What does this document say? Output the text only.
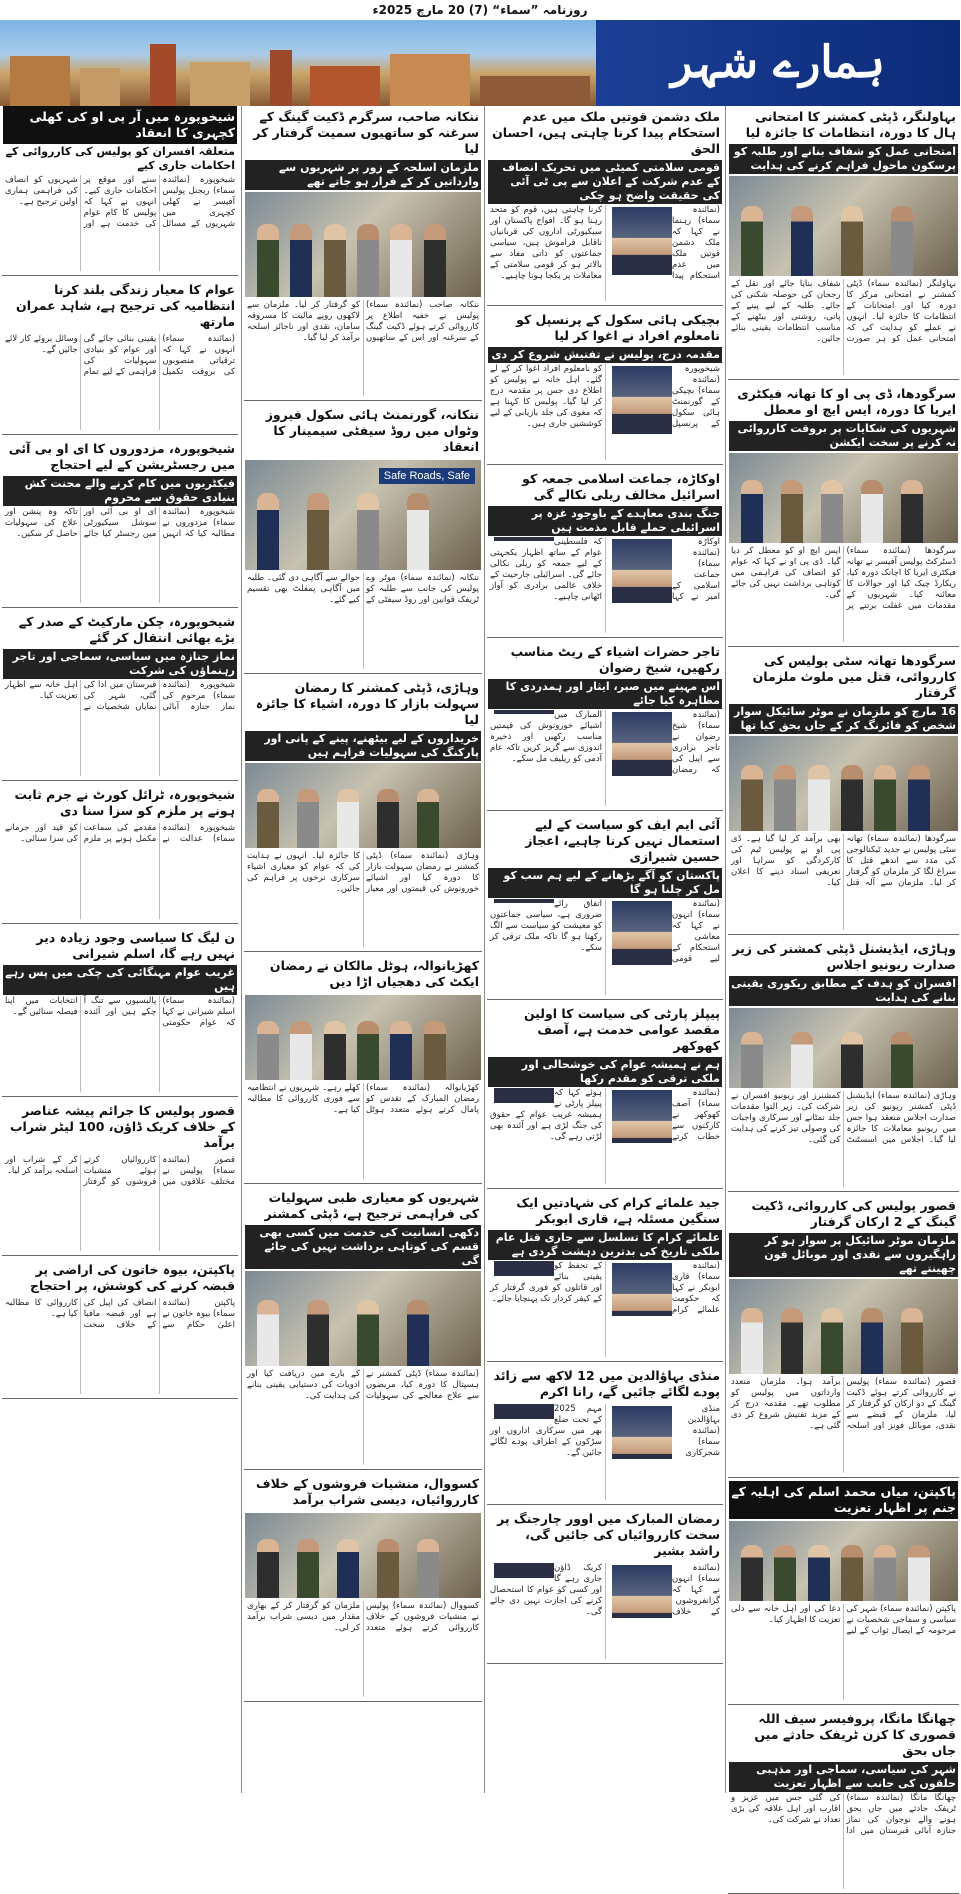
روزنامہ ”سماء“ (7) 20 مارچ 2025ء
ہمارے شہر
بہاولنگر، ڈپٹی کمشنر کا امتحانی ہال کا دورہ، انتظامات کا جائزہ لیا
امتحانی عمل کو شفاف بنانے اور طلبہ کو پرسکون ماحول فراہم کرنے کی ہدایت
بہاولنگر (نمائندہ سماء) ڈپٹی کمشنر نے امتحانی مرکز کا دورہ کیا اور امتحانات کے انتظامات کا جائزہ لیا۔ انہوں نے عملے کو ہدایت کی کہ امتحانی عمل کو ہر صورت شفاف بنایا جائے اور نقل کے رجحان کی حوصلہ شکنی کی جائے۔ طلبہ کے لیے پینے کے پانی، روشنی اور بیٹھنے کے مناسب انتظامات یقینی بنائے جائیں۔
سرگودھا، ڈی پی او کا تھانہ فیکٹری ایریا کا دورہ، ایس ایچ او معطل
شہریوں کی شکایات پر بروقت کارروائی نہ کرنے پر سخت ایکشن
سرگودھا (نمائندہ سماء) ڈسٹرکٹ پولیس آفیسر نے تھانہ فیکٹری ایریا کا اچانک دورہ کیا، ریکارڈ چیک کیا اور حوالات کا معائنہ کیا۔ شہریوں کے مقدمات میں غفلت برتنے پر ایس ایچ او کو معطل کر دیا گیا۔ ڈی پی او نے کہا کہ عوام کو انصاف کی فراہمی میں کوتاہی برداشت نہیں کی جائے گی۔
سرگودھا تھانہ سٹی پولیس کی کارروائی، قتل میں ملوث ملزمان گرفتار
16 مارچ کو ملزمان نے موٹر سائیکل سوار شخص کو فائرنگ کر کے جاں بحق کیا تھا
سرگودھا (نمائندہ سماء) تھانہ سٹی پولیس نے جدید ٹیکنالوجی کی مدد سے اندھے قتل کا سراغ لگا کر ملزمان کو گرفتار کر لیا۔ ملزمان سے آلہ قتل بھی برآمد کر لیا گیا ہے۔ ڈی پی او نے پولیس ٹیم کی کارکردگی کو سراہا اور تعریفی اسناد دینے کا اعلان کیا۔
وہاڑی، ایڈیشنل ڈپٹی کمشنر کی زیر صدارت ریونیو اجلاس
افسران کو ہدف کے مطابق ریکوری یقینی بنانے کی ہدایت
وہاڑی (نمائندہ سماء) ایڈیشنل ڈپٹی کمشنر ریونیو کی زیر صدارت اجلاس منعقد ہوا جس میں ریونیو معاملات کا جائزہ لیا گیا۔ اجلاس میں اسسٹنٹ کمشنرز اور ریونیو افسران نے شرکت کی۔ زیر التوا مقدمات جلد نمٹانے اور سرکاری واجبات کی وصولی تیز کرنے کی ہدایت کی گئی۔
قصور پولیس کی کارروائی، ڈکیت گینگ کے 2 ارکان گرفتار
ملزمان موٹر سائیکل پر سوار ہو کر راہگیروں سے نقدی اور موبائل فون چھینتے تھے
قصور (نمائندہ سماء) پولیس نے کارروائی کرتے ہوئے ڈکیت گینگ کے دو ارکان کو گرفتار کر لیا، ملزمان کے قبضے سے نقدی، موبائل فونز اور اسلحہ برآمد ہوا۔ ملزمان متعدد وارداتوں میں پولیس کو مطلوب تھے۔ مقدمہ درج کر کے مزید تفتیش شروع کر دی گئی ہے۔
پاکپتن، میاں محمد اسلم کی اہلیہ کے جنم پر اظہار تعزیت
پاکپتن (نمائندہ سماء) شہر کی سیاسی و سماجی شخصیات نے مرحومہ کے ایصال ثواب کے لیے دعا کی اور اہل خانہ سے دلی تعزیت کا اظہار کیا۔
چھانگا مانگا، پروفیسر سیف اللہ قصوری کا کزن ٹریفک حادثے میں جاں بحق
شہر کی سیاسی، سماجی اور مذہبی حلقوں کی جانب سے اظہار تعزیت
چھانگا مانگا (نمائندہ سماء) ٹریفک حادثے میں جاں بحق ہونے والے نوجوان کی نماز جنازہ آبائی قبرستان میں ادا کی گئی جس میں عزیز و اقارب اور اہل علاقہ کی بڑی تعداد نے شرکت کی۔
ملک دشمن قوتیں ملک میں عدم استحکام پیدا کرنا چاہتی ہیں، احسان الحق
قومی سلامتی کمیٹی میں تحریک انصاف کے عدم شرکت کے اعلان سے پی ٹی آئی کی حقیقت واضح ہو چکی
(نمائندہ سماء) رہنما نے کہا کہ ملک دشمن قوتیں ملک میں عدم استحکام پیدا کرنا چاہتی ہیں، قوم کو متحد رہنا ہو گا۔ افواج پاکستان اور سیکیورٹی اداروں کی قربانیاں ناقابل فراموش ہیں، سیاسی جماعتوں کو ذاتی مفاد سے بالاتر ہو کر قومی سلامتی کے معاملات پر یکجا ہونا چاہیے۔
بچیکی ہائی سکول کے پرنسپل کو نامعلوم افراد نے اغوا کر لیا
مقدمہ درج، پولیس نے تفتیش شروع کر دی
شیخوپورہ (نمائندہ سماء) بچیکی کے گورنمنٹ ہائی سکول کے پرنسپل کو نامعلوم افراد اغوا کر کے لے گئے۔ اہل خانہ نے پولیس کو اطلاع دی جس پر مقدمہ درج کر لیا گیا۔ پولیس کا کہنا ہے کہ مغوی کی جلد بازیابی کے لیے کوششیں جاری ہیں۔
اوکاڑہ، جماعت اسلامی جمعہ کو اسرائیل مخالف ریلی نکالے گی
جنگ بندی معاہدے کے باوجود غزہ پر اسرائیلی حملے قابل مذمت ہیں
اوکاڑہ (نمائندہ سماء) جماعت اسلامی کے امیر نے کہا کہ فلسطینی عوام کے ساتھ اظہار یکجہتی کے لیے جمعہ کو ریلی نکالی جائے گی۔ اسرائیلی جارحیت کے خلاف عالمی برادری کو آواز اٹھانی چاہیے۔
تاجر حضرات اشیاء کے ریٹ مناسب رکھیں، شیخ رضوان
اس مہینے میں صبر، ایثار اور ہمدردی کا مظاہرہ کیا جائے
(نمائندہ سماء) شیخ رضوان نے تاجر برادری سے اپیل کی کہ رمضان المبارک میں اشیائے خورونوش کی قیمتیں مناسب رکھیں اور ذخیرہ اندوزی سے گریز کریں تاکہ عام آدمی کو ریلیف مل سکے۔
آئی ایم ایف کو سیاست کے لیے استعمال نہیں کرنا چاہیے، اعجاز حسین شیرازی
پاکستان کو آگے بڑھانے کے لیے ہم سب کو مل کر چلنا ہو گا
(نمائندہ سماء) انہوں نے کہا کہ معاشی استحکام کے لیے قومی اتفاق رائے ضروری ہے، سیاسی جماعتوں کو معیشت کو سیاست سے الگ رکھنا ہو گا تاکہ ملک ترقی کر سکے۔
پیپلز پارٹی کی سیاست کا اولین مقصد عوامی خدمت ہے، آصف کھوکھر
ہم نے ہمیشہ عوام کی خوشحالی اور ملکی ترقی کو مقدم رکھا
(نمائندہ سماء) آصف کھوکھر نے کارکنوں سے خطاب کرتے ہوئے کہا کہ پیپلز پارٹی نے ہمیشہ غریب عوام کے حقوق کی جنگ لڑی ہے اور آئندہ بھی لڑتی رہے گی۔
جید علمائے کرام کی شہادتیں ایک سنگین مسئلہ ہے، قاری ابوبکر
علمائے کرام کا تسلسل سے جاری قتل عام ملکی تاریخ کی بدترین دہشت گردی ہے
(نمائندہ سماء) قاری ابوبکر نے کہا کہ حکومت علمائے کرام کے تحفظ کو یقینی بنائے اور قاتلوں کو فوری گرفتار کر کے کیفر کردار تک پہنچایا جائے۔
منڈی بہاؤالدین میں 12 لاکھ سے زائد پودے لگائے جائیں گے، رانا اکرم
منڈی بہاؤالدین (نمائندہ سماء) شجرکاری مہم 2025 کے تحت ضلع بھر میں سرکاری اداروں اور سڑکوں کے اطراف پودے لگائے جائیں گے۔
رمضان المبارک میں اوور چارجنگ پر سخت کارروائیاں کی جائیں گی، راشد بشیر
(نمائندہ سماء) انہوں نے کہا کہ گرانفروشوں کے خلاف کریک ڈاؤن جاری رہے گا اور کسی کو عوام کا استحصال کرنے کی اجازت نہیں دی جائے گی۔
ننکانہ صاحب، سرگرم ڈکیت گینگ کے سرغنہ کو ساتھیوں سمیت گرفتار کر لیا
ملزمان اسلحہ کے زور پر شہریوں سے وارداتیں کر کے فرار ہو جاتے تھے
ننکانہ صاحب (نمائندہ سماء) پولیس نے خفیہ اطلاع پر کارروائی کرتے ہوئے ڈکیت گینگ کے سرغنہ اور اس کے ساتھیوں کو گرفتار کر لیا۔ ملزمان سے لاکھوں روپے مالیت کا مسروقہ سامان، نقدی اور ناجائز اسلحہ برآمد کر لیا گیا۔
ننکانہ، گورنمنٹ ہائی سکول فیروز وٹواں میں روڈ سیفٹی سیمینار کا انعقاد
Safe Roads, Safe
ننکانہ (نمائندہ سماء) موٹر وے پولیس کی جانب سے طلبہ کو ٹریفک قوانین اور روڈ سیفٹی کے حوالے سے آگاہی دی گئی۔ طلبہ میں آگاہی پمفلٹ بھی تقسیم کیے گئے۔
وہاڑی، ڈپٹی کمشنر کا رمضان سہولت بازار کا دورہ، اشیاء کا جائزہ لیا
خریداروں کے لیے بیٹھنے، پینے کے پانی اور پارکنگ کی سہولیات فراہم ہیں
وہاڑی (نمائندہ سماء) ڈپٹی کمشنر نے رمضان سہولت بازار کا دورہ کیا اور اشیائے خورونوش کی قیمتوں اور معیار کا جائزہ لیا۔ انہوں نے ہدایت کی کہ عوام کو معیاری اشیاء سرکاری نرخوں پر فراہم کی جائیں۔
کھڑیانوالہ، ہوٹل مالکان نے رمضان ایکٹ کی دھجیاں اڑا دیں
کھڑیانوالہ (نمائندہ سماء) رمضان المبارک کے تقدس کو پامال کرتے ہوئے متعدد ہوٹل کھلے رہے۔ شہریوں نے انتظامیہ سے فوری کارروائی کا مطالبہ کیا ہے۔
شہریوں کو معیاری طبی سہولیات کی فراہمی ترجیح ہے، ڈپٹی کمشنر
دکھی انسانیت کی خدمت میں کسی بھی قسم کی کوتاہی برداشت نہیں کی جائے گی
(نمائندہ سماء) ڈپٹی کمشنر نے ہسپتال کا دورہ کیا، مریضوں سے علاج معالجے کی سہولیات کے بارے میں دریافت کیا اور ادویات کی دستیابی یقینی بنانے کی ہدایت کی۔
کسووال، منشیات فروشوں کے خلاف کارروائیاں، دیسی شراب برآمد
کسووال (نمائندہ سماء) پولیس نے منشیات فروشوں کے خلاف کارروائی کرتے ہوئے متعدد ملزمان کو گرفتار کر کے بھاری مقدار میں دیسی شراب برآمد کر لی۔
شیخوپورہ میں آر پی او کی کھلی کچہری کا انعقاد
متعلقہ افسران کو پولیس کی کارروائی کے احکامات جاری کیے
شیخوپورہ (نمائندہ سماء) ریجنل پولیس آفیسر نے کھلی کچہری میں شہریوں کے مسائل سنے اور موقع پر احکامات جاری کیے۔ انہوں نے کہا کہ پولیس کا کام عوام کی خدمت ہے اور شہریوں کو انصاف کی فراہمی ہماری اولین ترجیح ہے۔
عوام کا معیار زندگی بلند کرنا انتظامیہ کی ترجیح ہے، شاہد عمران مارتھ
(نمائندہ سماء) انہوں نے کہا کہ ترقیاتی منصوبوں کی بروقت تکمیل یقینی بنائی جائے گی اور عوام کو بنیادی سہولیات کی فراہمی کے لیے تمام وسائل بروئے کار لائے جائیں گے۔
شیخوپورہ، مزدوروں کا ای او بی آئی میں رجسٹریشن کے لیے احتجاج
فیکٹریوں میں کام کرنے والے محنت کش بنیادی حقوق سے محروم
شیخوپورہ (نمائندہ سماء) مزدوروں نے مطالبہ کیا کہ انہیں ای او بی آئی اور سوشل سیکیورٹی میں رجسٹر کیا جائے تاکہ وہ پنشن اور علاج کی سہولیات حاصل کر سکیں۔
شیخوپورہ، چکن مارکیٹ کے صدر کے بڑے بھائی انتقال کر گئے
نماز جنازہ میں سیاسی، سماجی اور تاجر رہنماؤں کی شرکت
شیخوپورہ (نمائندہ سماء) مرحوم کی نماز جنازہ آبائی قبرستان میں ادا کی گئی، شہر کی نمایاں شخصیات نے اہل خانہ سے اظہار تعزیت کیا۔
شیخوپورہ، ٹرائل کورٹ نے جرم ثابت ہونے پر ملزم کو سزا سنا دی
شیخوپورہ (نمائندہ سماء) عدالت نے مقدمے کی سماعت مکمل ہونے پر ملزم کو قید اور جرمانے کی سزا سنائی۔
ن لیگ کا سیاسی وجود زیادہ دیر نہیں رہے گا، اسلم شیرانی
غریب عوام مہنگائی کی چکی میں پس رہے ہیں
(نمائندہ سماء) اسلم شیرانی نے کہا کہ عوام حکومتی پالیسیوں سے تنگ آ چکے ہیں اور آئندہ انتخابات میں اپنا فیصلہ سنائیں گے۔
قصور پولیس کا جرائم پیشہ عناصر کے خلاف کریک ڈاؤن، 100 لیٹر شراب برآمد
قصور (نمائندہ سماء) پولیس نے مختلف علاقوں میں کارروائیاں کرتے ہوئے منشیات فروشوں کو گرفتار کر کے شراب اور اسلحہ برآمد کر لیا۔
پاکپتن، بیوہ خاتون کی اراضی پر قبضہ کرنے کی کوشش، پر احتجاج
پاکپتن (نمائندہ سماء) بیوہ خاتون نے اعلیٰ حکام سے انصاف کی اپیل کی ہے اور قبضہ مافیا کے خلاف سخت کارروائی کا مطالبہ کیا ہے۔
